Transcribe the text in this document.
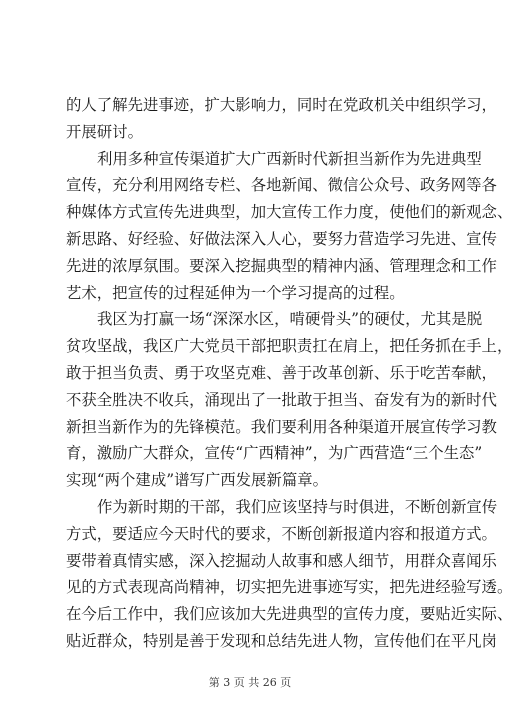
的人了解先进事迹，扩大影响力，同时在党政机关中组织学习，
开展研讨。
利用多种宣传渠道扩大广西新时代新担当新作为先进典型
宣传，充分利用网络专栏、各地新闻、微信公众号、政务网等各
种媒体方式宣传先进典型，加大宣传工作力度，使他们的新观念、
新思路、好经验、好做法深入人心，要努力营造学习先进、宣传
先进的浓厚氛围。要深入挖掘典型的精神内涵、管理理念和工作
艺术，把宣传的过程延伸为一个学习提高的过程。
我区为打赢一场“深深水区，啃硬骨头”的硬仗，尤其是脱
贫攻坚战，我区广大党员干部把职责扛在肩上，把任务抓在手上，
敢于担当负责、勇于攻坚克难、善于改革创新、乐于吃苦奉献，
不获全胜决不收兵，涌现出了一批敢于担当、奋发有为的新时代
新担当新作为的先锋模范。我们要利用各种渠道开展宣传学习教
育，激励广大群众，宣传“广西精神”，为广西营造“三个生态”
实现“两个建成”谱写广西发展新篇章。
作为新时期的干部，我们应该坚持与时俱进，不断创新宣传
方式，要适应今天时代的要求，不断创新报道内容和报道方式。
要带着真情实感，深入挖掘动人故事和感人细节，用群众喜闻乐
见的方式表现高尚精神，切实把先进事迹写实，把先进经验写透。
在今后工作中，我们应该加大先进典型的宣传力度，要贴近实际、
贴近群众，特别是善于发现和总结先进人物，宣传他们在平凡岗
第 3 页 共 26 页
